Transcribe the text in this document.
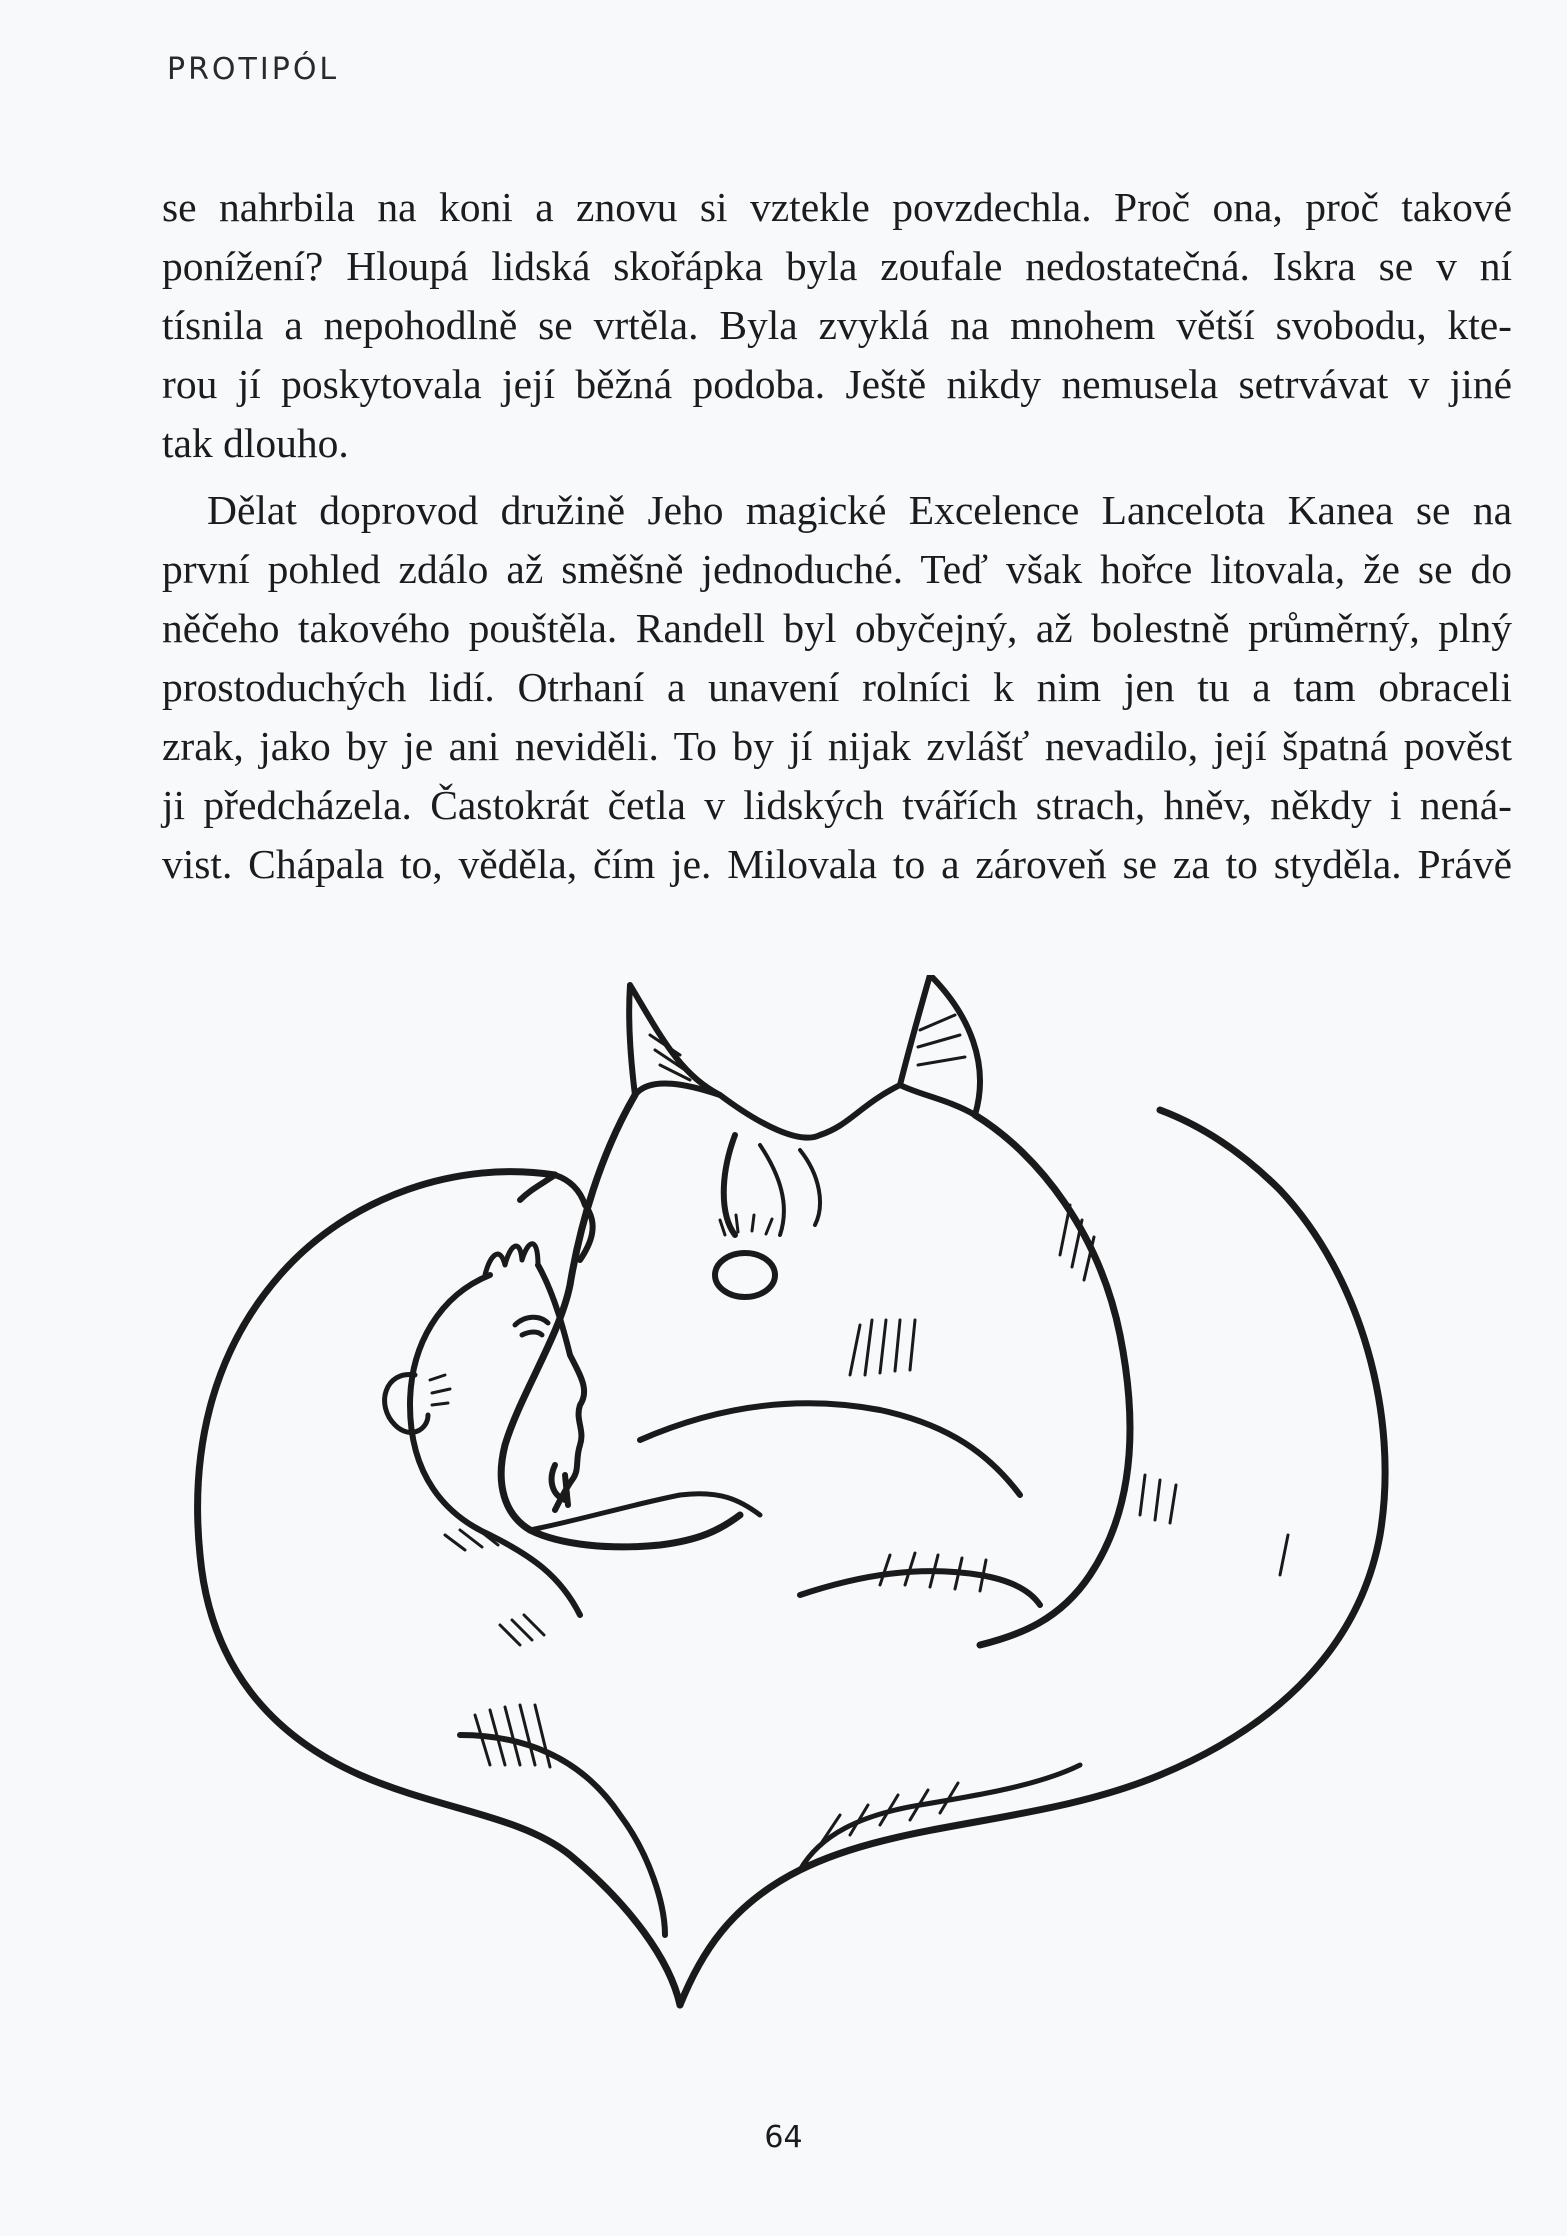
PROTIPÓL
se nahrbila na koni a znovu si vztekle povzdechla. Proč ona, proč takové
ponížení? Hloupá lidská skořápka byla zoufale nedostatečná. Iskra se v ní
tísnila a nepohodlně se vrtěla. Byla zvyklá na mnohem větší svobodu, kte-
rou jí poskytovala její běžná podoba. Ještě nikdy nemusela setrvávat v jiné
tak dlouho.
Dělat doprovod družině Jeho magické Excelence Lancelota Kanea se na
první pohled zdálo až směšně jednoduché. Teď však hořce litovala, že se do
něčeho takového pouštěla. Randell byl obyčejný, až bolestně průměrný, plný
prostoduchých lidí. Otrhaní a unavení rolníci k nim jen tu a tam obraceli
zrak, jako by je ani neviděli. To by jí nijak zvlášť nevadilo, její špatná pověst
ji předcházela. Častokrát četla v lidských tvářích strach, hněv, někdy i nená-
vist. Chápala to, věděla, čím je. Milovala to a zároveň se za to styděla. Právě
64
